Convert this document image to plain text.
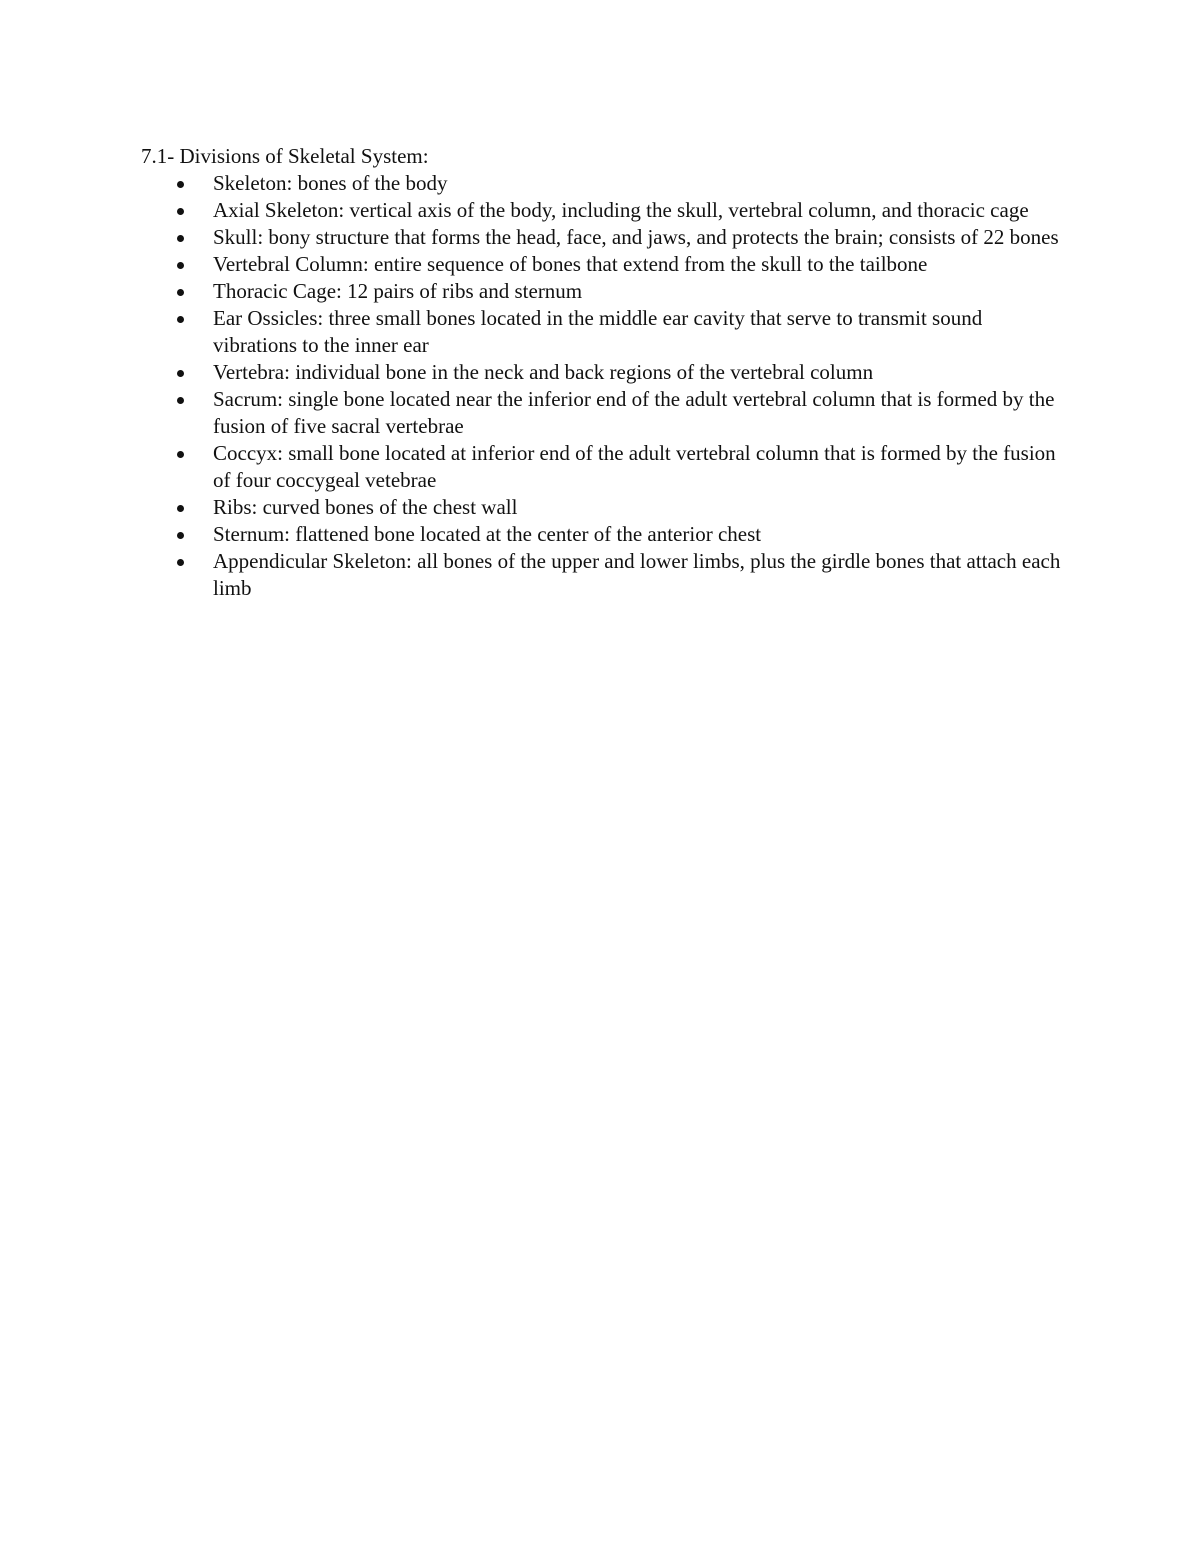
7.1- Divisions of Skeletal System:

Skeleton: bones of the body
Axial Skeleton: vertical axis of the body, including the skull, vertebral column, and thoracic cage
Skull: bony structure that forms the head, face, and jaws, and protects the brain; consists of 22 bones
Vertebral Column: entire sequence of bones that extend from the skull to the tailbone
Thoracic Cage: 12 pairs of ribs and sternum
Ear Ossicles: three small bones located in the middle ear cavity that serve to transmit sound vibrations to the inner ear
Vertebra: individual bone in the neck and back regions of the vertebral column
Sacrum: single bone located near the inferior end of the adult vertebral column that is formed by the fusion of five sacral vertebrae
Coccyx: small bone located at inferior end of the adult vertebral column that is formed by the fusion of four coccygeal vetebrae
Ribs: curved bones of the chest wall
Sternum: flattened bone located at the center of the anterior chest
Appendicular Skeleton: all bones of the upper and lower limbs, plus the girdle bones that attach each limb
